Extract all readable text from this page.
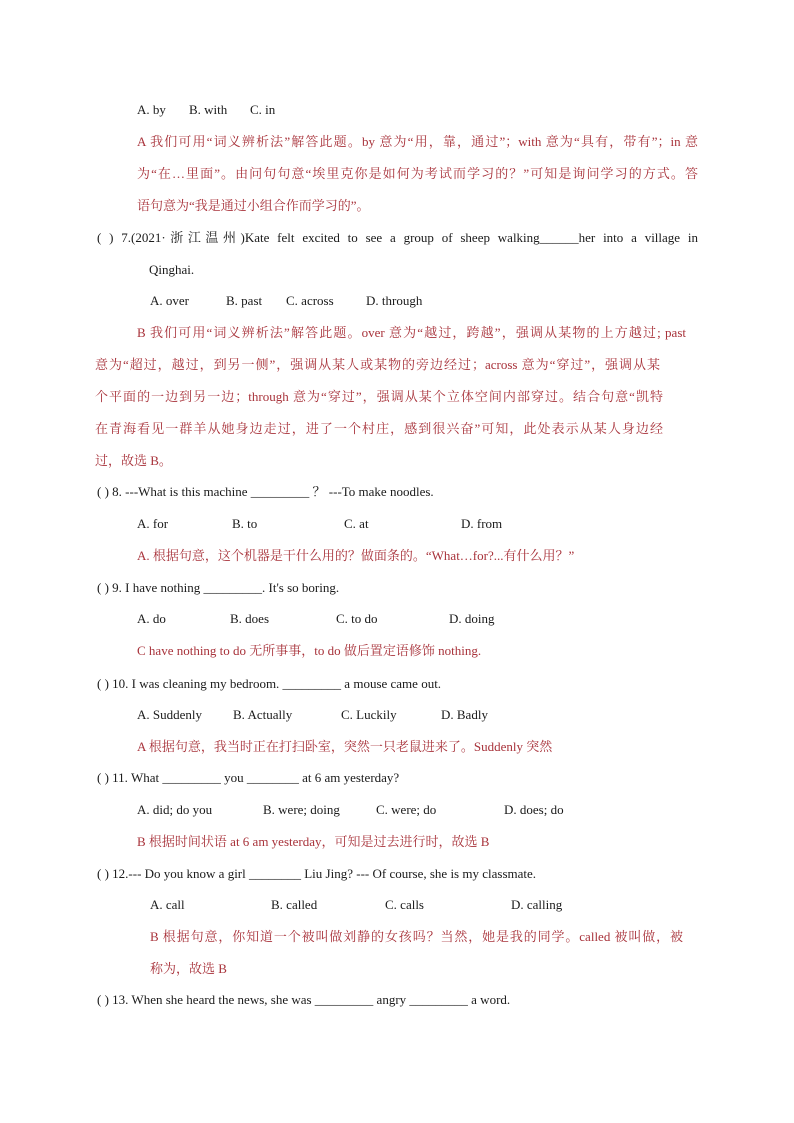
A. by B. with C. in
A 我们可用“词义辨析法”解答此题。by 意为“用，靠，通过”；with 意为“具有，带有”；in 意
为“在…里面”。由问句句意“埃里克你是如何为考试而学习的？”可知是询问学习的方式。答
语句意为“我是通过小组合作而学习的”。
( ) 7.(2021·浙江温州)Kate felt excited to see a group of sheep walking______her into a village in
Qinghai.
A. over	B. past C. across D. through
B 我们可用“词义辨析法”解答此题。over 意为“越过，跨越”，强调从某物的上方越过; past
意为“超过，越过，到另一侧”，强调从某人或某物的旁边经过；across 意为“穿过”，强调从某
个平面的一边到另一边；through 意为“穿过”，强调从某个立体空间内部穿过。结合句意“凯特
在青海看见一群羊从她身边走过，进了一个村庄，感到很兴奋”可知，此处表示从某人身边经
过，故选 B。
( ) 8. ---What is this machine _________ ？ ---To make noodles.
A. for	B. to	C. at	D. from
A. 根据句意，这个机器是干什么用的？做面条的。“What…for?...有什么用？”
( ) 9. I have nothing _________. It's so boring.
A. do	B. does	C. to do	D. doing
C have nothing to do 无所事事，to do 做后置定语修饰 nothing.
( ) 10. I was cleaning my bedroom. _________ a mouse came out.
A. Suddenly B. Actually	C. Luckily	D. Badly
A 根据句意，我当时正在打扫卧室，突然一只老鼠进来了。Suddenly 突然
( ) 11. What _________ you ________ at 6 am yesterday?
A. did; do you	B. were; doing	C. were; do	D. does; do
B 根据时间状语 at 6 am yesterday，可知是过去进行时，故选 B
( ) 12.--- Do you know a girl ________ Liu Jing? --- Of course, she is my classmate.
A. call	B. called	C. calls	D. calling
B 根据句意，你知道一个被叫做刘静的女孩吗？当然，她是我的同学。called 被叫做，被
称为，故选 B
( ) 13. When she heard the news, she was _________ angry _________ a word.
